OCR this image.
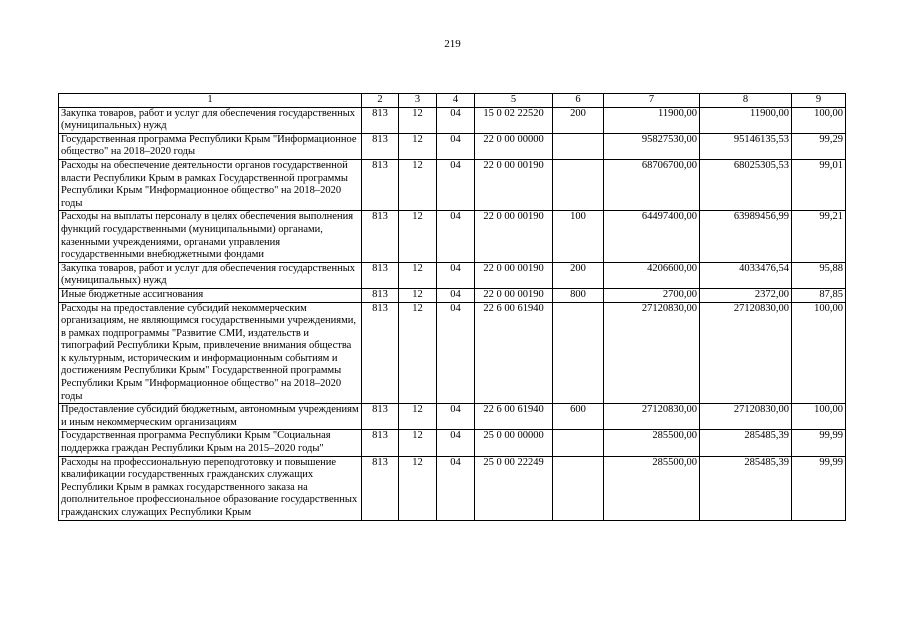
219
1	2	3	4	5	6	7	8	9
Закупка товаров, работ и услуг для обеспечения государственных (муниципальных) нужд	813	12	04	15 0 02 22520	200	11900,00	11900,00	100,00
Государственная программа Республики Крым "Информационное общество" на 2018–2020 годы	813	12	04	22 0 00 00000		95827530,00	95146135,53	99,29
Расходы на обеспечение деятельности органов государственной власти Республики Крым в рамках Государственной программы Республики Крым "Информационное общество" на 2018–2020 годы	813	12	04	22 0 00 00190		68706700,00	68025305,53	99,01
Расходы на выплаты персоналу в целях обеспечения выполнения функций государственными (муниципальными) органами, казенными учреждениями, органами управления государственными внебюджетными фондами	813	12	04	22 0 00 00190	100	64497400,00	63989456,99	99,21
Закупка товаров, работ и услуг для обеспечения государственных (муниципальных) нужд	813	12	04	22 0 00 00190	200	4206600,00	4033476,54	95,88
Иные бюджетные ассигнования	813	12	04	22 0 00 00190	800	2700,00	2372,00	87,85
Расходы на предоставление субсидий некоммерческим организациям, не являющимся государственными учреждениями, в рамках подпрограммы "Развитие СМИ, издательств и типографий Республики Крым, привлечение внимания общества к культурным, историческим и информационным событиям и достижениям Республики Крым" Государственной программы Республики Крым "Информационное общество" на 2018–2020 годы	813	12	04	22 6 00 61940		27120830,00	27120830,00	100,00
Предоставление субсидий бюджетным, автономным учреждениям и иным некоммерческим организациям	813	12	04	22 6 00 61940	600	27120830,00	27120830,00	100,00
Государственная программа Республики Крым "Социальная поддержка граждан Республики Крым на 2015–2020 годы"	813	12	04	25 0 00 00000		285500,00	285485,39	99,99
Расходы на профессиональную переподготовку и повышение квалификации государственных гражданских служащих Республики Крым в рамках государственного заказа на дополнительное профессиональное образование государственных гражданских служащих Республики Крым	813	12	04	25 0 00 22249		285500,00	285485,39	99,99
